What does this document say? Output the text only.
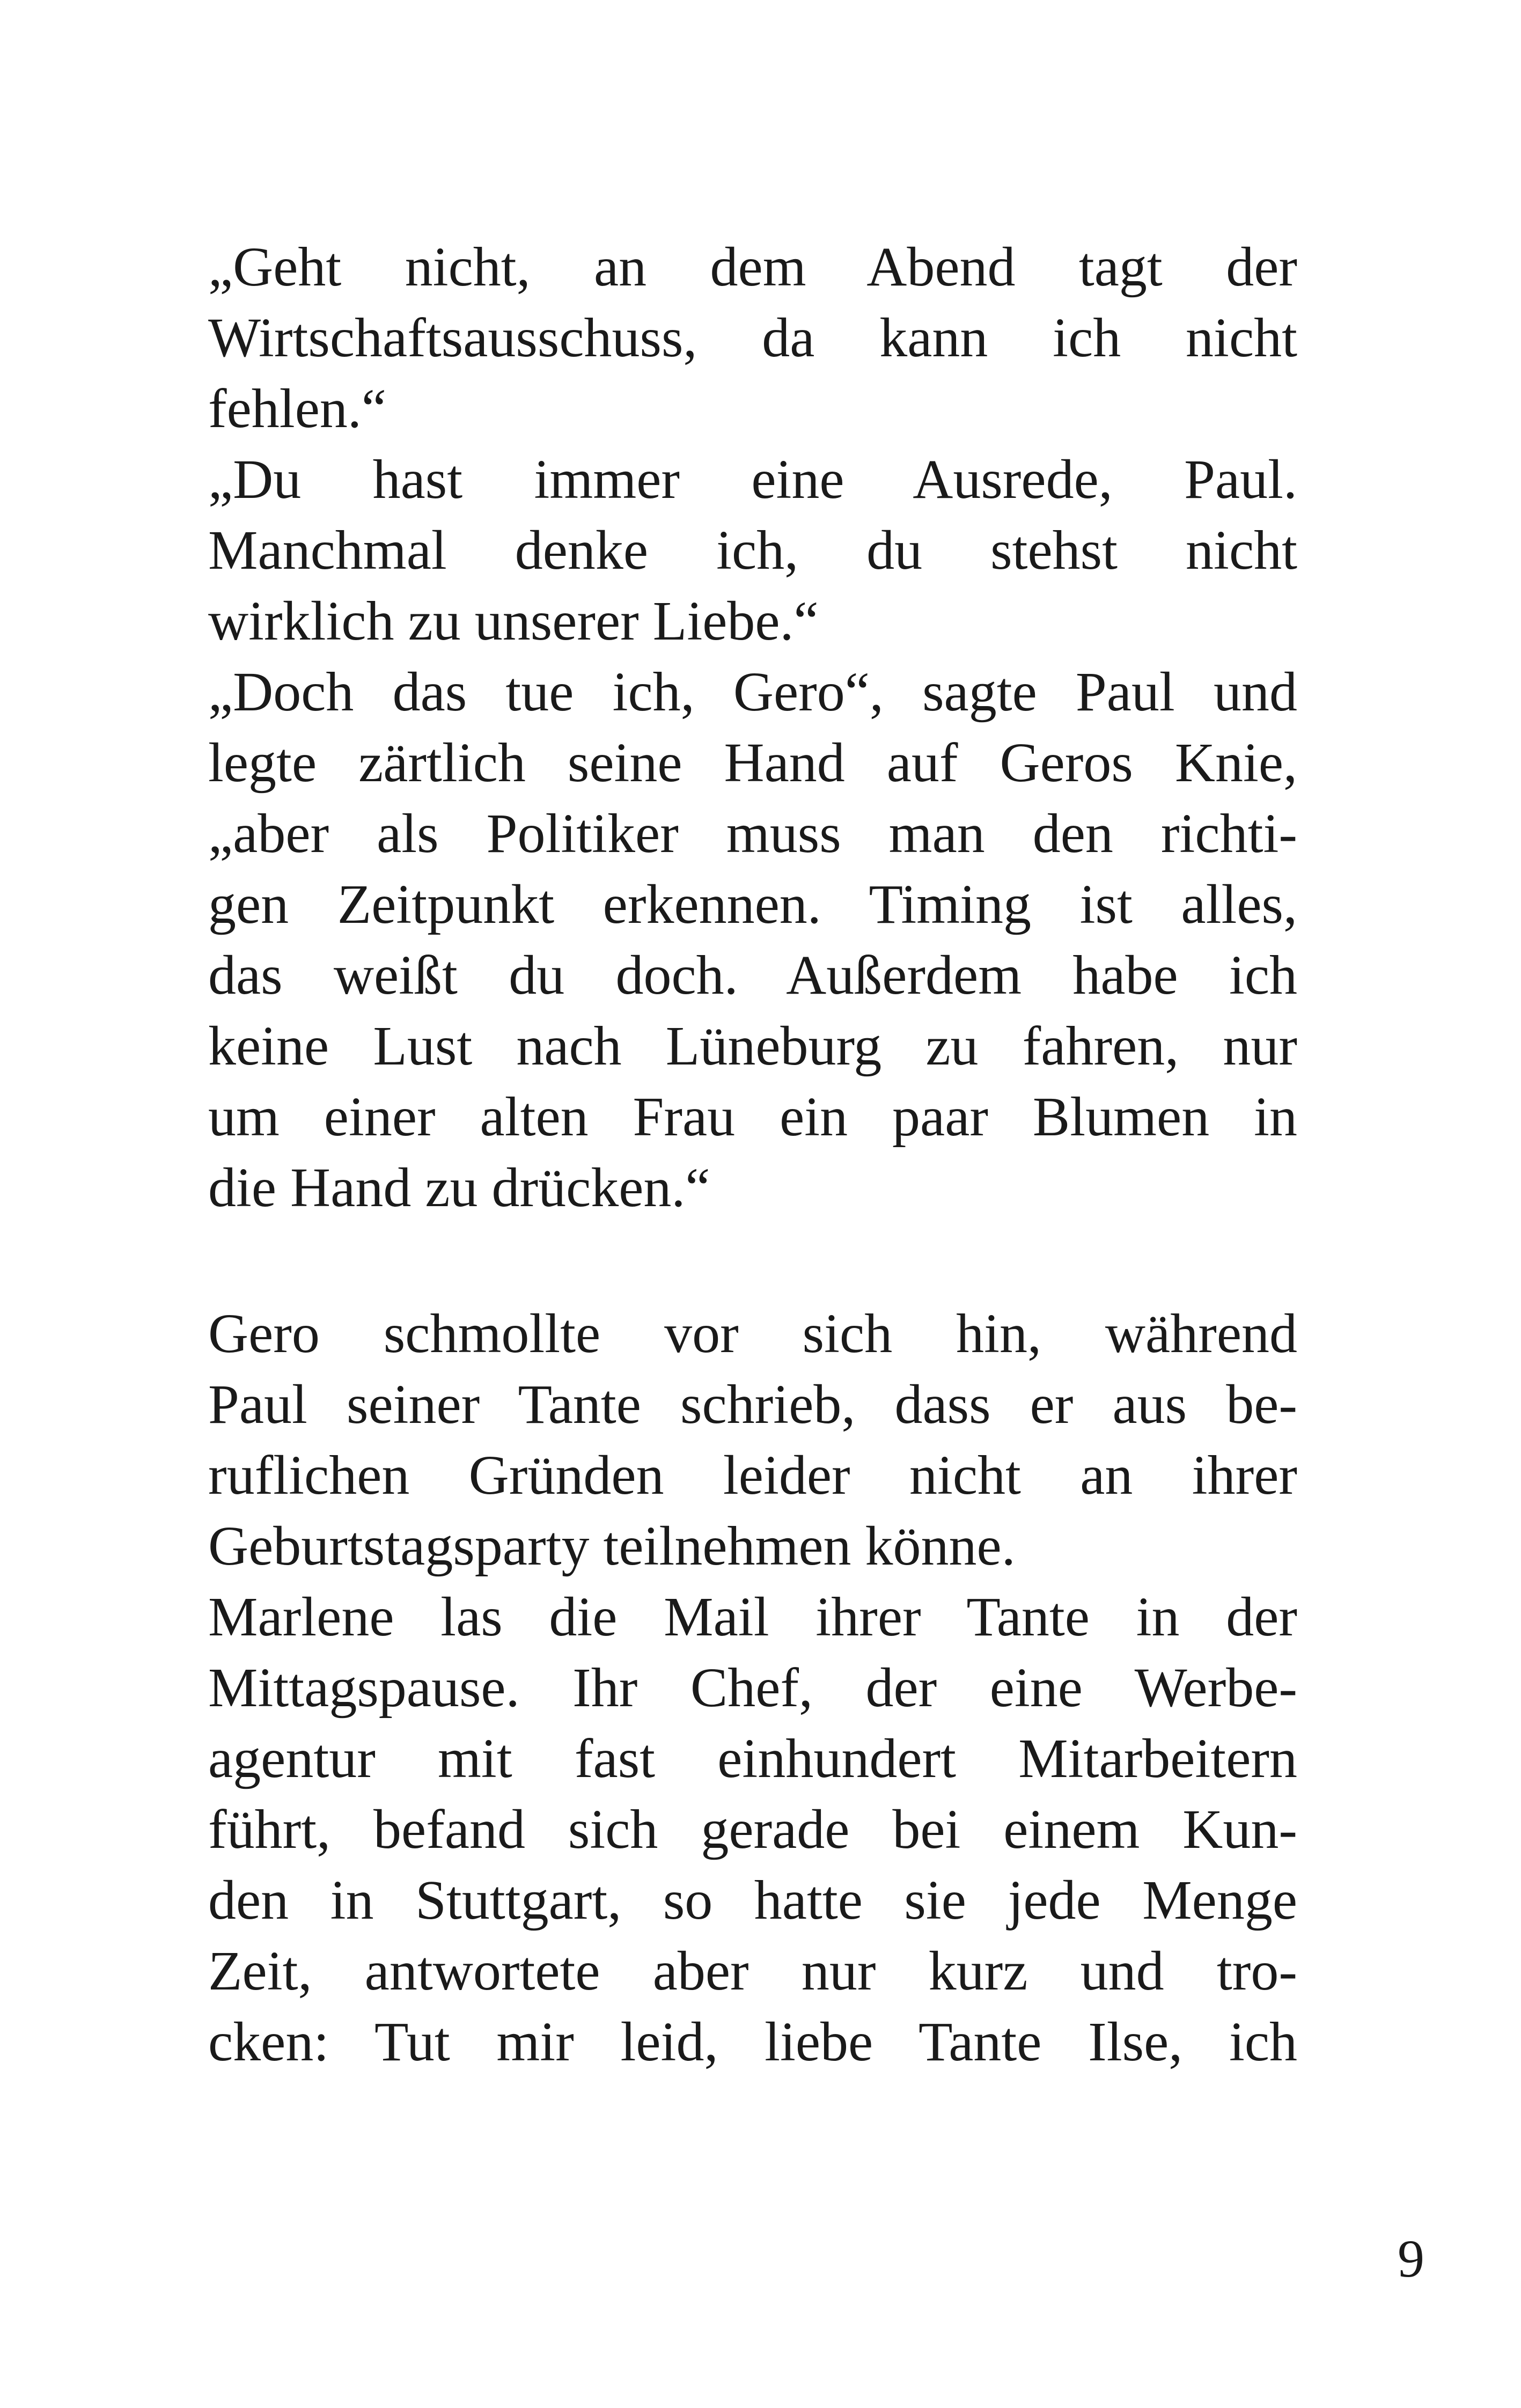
„Geht nicht, an dem Abend tagt der
Wirtschaftsausschuss, da kann ich nicht
fehlen.“
„Du hast immer eine Ausrede, Paul.
Manchmal denke ich, du stehst nicht
wirklich zu unserer Liebe.“
„Doch das tue ich, Gero“, sagte Paul und
legte zärtlich seine Hand auf Geros Knie,
„aber als Politiker muss man den richti-
gen Zeitpunkt erkennen. Timing ist alles,
das weißt du doch. Außerdem habe ich
keine Lust nach Lüneburg zu fahren, nur
um einer alten Frau ein paar Blumen in
die Hand zu drücken.“
Gero schmollte vor sich hin, während
Paul seiner Tante schrieb, dass er aus be-
ruflichen Gründen leider nicht an ihrer
Geburtstagsparty teilnehmen könne.
Marlene las die Mail ihrer Tante in der
Mittagspause. Ihr Chef, der eine Werbe-
agentur mit fast einhundert Mitarbeitern
führt, befand sich gerade bei einem Kun-
den in Stuttgart, so hatte sie jede Menge
Zeit, antwortete aber nur kurz und tro-
cken: Tut mir leid, liebe Tante Ilse, ich
9
